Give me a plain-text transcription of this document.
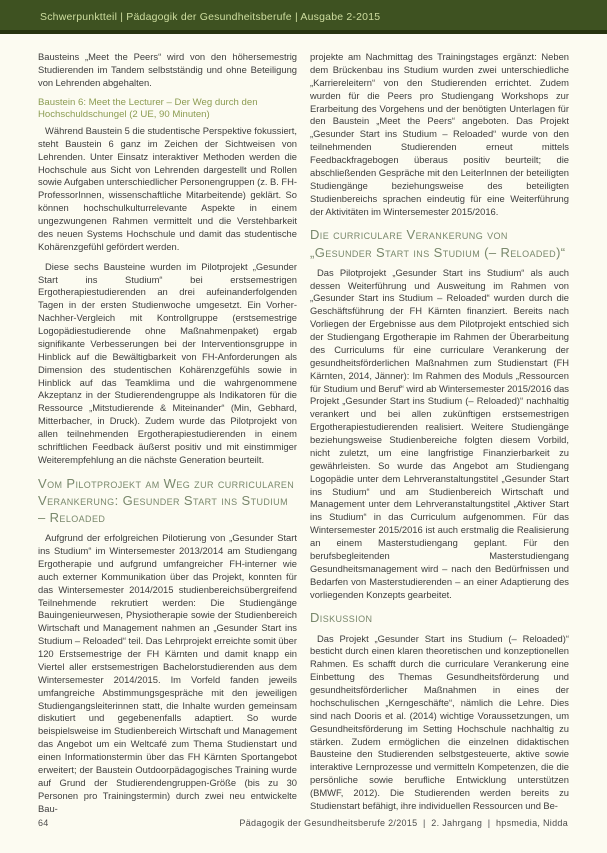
Schwerpunktteil | Pädagogik der Gesundheitsberufe | Ausgabe 2-2015

Bausteins „Meet the Peers“ wird von den höhersemestrig Studierenden im Tandem selbstständig und ohne Beteiligung von Lehrenden abgehalten.

Baustein 6: Meet the Lecturer – Der Weg durch den Hochschuldschungel (2 UE, 90 Minuten)

Während Baustein 5 die studentische Perspektive fokussiert, steht Baustein 6 ganz im Zeichen der Sichtweisen von Lehrenden. Unter Einsatz interaktiver Methoden werden die Hochschule aus Sicht von Lehrenden dargestellt und Rollen sowie Aufgaben unterschiedlicher Personengruppen (z. B. FH-ProfessorInnen, wissenschaftliche Mitarbeitende) geklärt. So können hochschulkulturrelevante Aspekte in einem ungezwungenen Rahmen vermittelt und die Verstehbarkeit des neuen Systems Hochschule und damit das studentische Kohärenzgefühl gefördert werden.

Diese sechs Bausteine wurden im Pilotprojekt „Gesunder Start ins Studium“ bei erstsemestrigen Ergotherapiestudierenden an drei aufeinanderfolgenden Tagen in der ersten Studienwoche umgesetzt. Ein Vorher-Nachher-Vergleich mit Kontrollgruppe (erstsemestrige Logopädiestudierende ohne Maßnahmenpaket) ergab signifikante Verbesserungen bei der Interventionsgruppe in Hinblick auf die Bewältigbarkeit von FH-Anforderungen als Dimension des studentischen Kohärenzgefühls sowie in Hinblick auf das Teamklima und die wahrgenommene Akzeptanz in der Studierendengruppe als Indikatoren für die Ressource „Mitstudierende & Miteinander“ (Min, Gebhard, Mitterbacher, in Druck). Zudem wurde das Pilotprojekt von allen teilnehmenden Ergotherapiestudierenden in einem schriftlichen Feedback äußerst positiv und mit einstimmiger Weiterempfehlung an die nächste Generation beurteilt.

Vom Pilotprojekt am Weg zur curricularen Verankerung: Gesunder Start ins Studium – Reloaded

Aufgrund der erfolgreichen Pilotierung von „Gesunder Start ins Studium“ im Wintersemester 2013/2014 am Studiengang Ergotherapie und aufgrund umfangreicher FH-interner wie auch externer Kommunikation über das Projekt, konnten für das Wintersemester 2014/2015 studienbereichsübergreifend Teilnehmende rekrutiert werden: Die Studiengänge Bauingenieurwesen, Physiotherapie sowie der Studienbereich Wirtschaft und Management nahmen an „Gesunder Start ins Studium – Reloaded“ teil. Das Lehrprojekt erreichte somit über 120 Erstsemestrige der FH Kärnten und damit knapp ein Viertel aller erstsemestrigen Bachelorstudierenden aus dem Wintersemester 2014/2015. Im Vorfeld fanden jeweils umfangreiche Abstimmungsgespräche mit den jeweiligen Studiengangsleiterinnen statt, die Inhalte wurden gemeinsam diskutiert und gegebenenfalls adaptiert. So wurde beispielsweise im Studienbereich Wirtschaft und Management das Angebot um ein Weltcafé zum Thema Studienstart und einen Informationstermin über das FH Kärnten Sportangebot erweitert; der Baustein Outdoorpädagogisches Training wurde auf Grund der Studierendengruppen-Größe (bis zu 30 Personen pro Trainingstermin) durch zwei neu entwickelte Bau-

projekte am Nachmittag des Trainingstages ergänzt: Neben dem Brückenbau ins Studium wurden zwei unterschiedliche „Karriereleitern“ von den Studierenden errichtet. Zudem wurden für die Peers pro Studiengang Workshops zur Erarbeitung des Vorgehens und der benötigten Unterlagen für den Baustein „Meet the Peers“ angeboten. Das Projekt „Gesunder Start ins Studium – Reloaded“ wurde von den teilnehmenden Studierenden erneut mittels Feedbackfragebogen überaus positiv beurteilt; die abschließenden Gespräche mit den LeiterInnen der beteiligten Studiengänge beziehungsweise des beteiligten Studienbereichs sprachen eindeutig für eine Weiterführung der Aktivitäten im Wintersemester 2015/2016.

Die curriculare Verankerung von „Gesunder Start ins Studium (– Reloaded)“

Das Pilotprojekt „Gesunder Start ins Studium“ als auch dessen Weiterführung und Ausweitung im Rahmen von „Gesunder Start ins Studium – Reloaded“ wurden durch die Geschäftsführung der FH Kärnten finanziert. Bereits nach Vorliegen der Ergebnisse aus dem Pilotprojekt entschied sich der Studiengang Ergotherapie im Rahmen der Überarbeitung des Curriculums für eine curriculare Verankerung der gesundheitsförderlichen Maßnahmen zum Studienstart (FH Kärnten, 2014, Jänner): Im Rahmen des Moduls „Ressourcen für Studium und Beruf“ wird ab Wintersemester 2015/2016 das Projekt „Gesunder Start ins Studium (– Reloaded)“ nachhaltig verankert und bei allen zukünftigen erstsemestrigen Ergotherapiestudierenden realisiert. Weitere Studiengänge beziehungsweise Studienbereiche folgten diesem Vorbild, nicht zuletzt, um eine langfristige Finanzierbarkeit zu gewährleisten. So wurde das Angebot am Studiengang Logopädie unter dem Lehrveranstaltungstitel „Gesunder Start ins Studium“ und am Studienbereich Wirtschaft und Management unter dem Lehrveranstaltungstitel „Aktiver Start ins Studium“ in das Curriculum aufgenommen. Für das Wintersemester 2015/2016 ist auch erstmalig die Realisierung an einem Masterstudiengang geplant. Für den berufsbegleitenden Masterstudiengang Gesundheitsmanagement wird – nach den Bedürfnissen und Bedarfen von Masterstudierenden – an einer Adaptierung des vorliegenden Konzepts gearbeitet.

Diskussion

Das Projekt „Gesunder Start ins Studium (– Reloaded)“ besticht durch einen klaren theoretischen und konzeptionellen Rahmen. Es schafft durch die curriculare Verankerung eine Einbettung des Themas Gesundheitsförderung und gesundheitsförderlicher Maßnahmen in eines der hochschulischen „Kerngeschäfte“, nämlich die Lehre. Dies sind nach Dooris et al. (2014) wichtige Voraussetzungen, um Gesundheitsförderung im Setting Hochschule nachhaltig zu stärken. Zudem ermöglichen die einzelnen didaktischen Bausteine den Studierenden selbstgesteuerte, aktive sowie interaktive Lernprozesse und vermitteln Kompetenzen, die die persönliche sowie berufliche Entwicklung unterstützen (BMWF, 2012). Die Studierenden werden bereits zu Studienstart befähigt, ihre individuellen Ressourcen und Be-

64	Pädagogik der Gesundheitsberufe 2/2015  |  2. Jahrgang  |  hpsmedia, Nidda
